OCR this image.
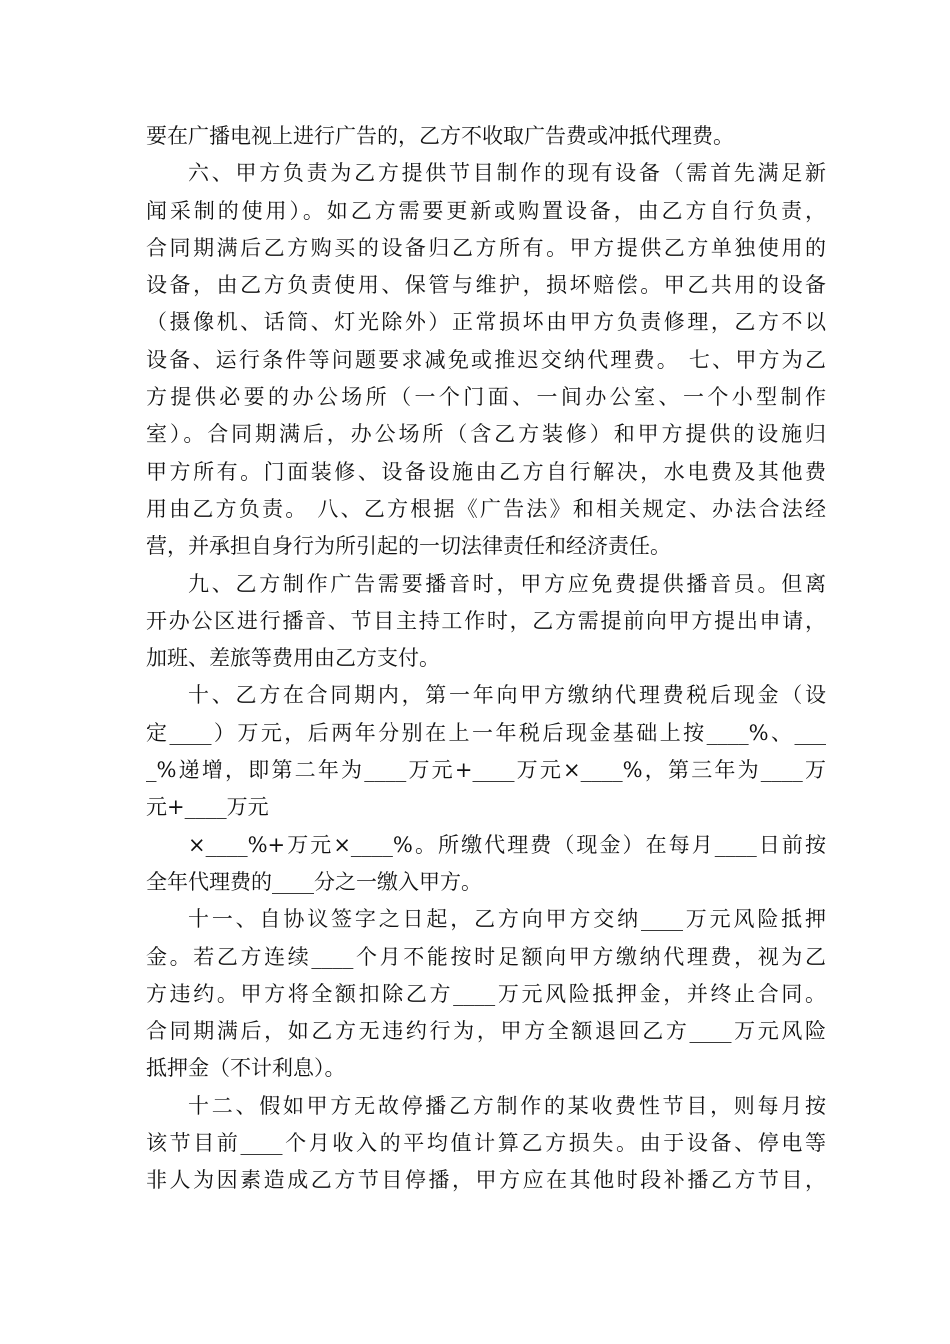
要在广播电视上进行广告的，乙方不收取广告费或冲抵代理费。
六、甲方负责为乙方提供节目制作的现有设备（需首先满足新
闻采制的使用）。如乙方需要更新或购置设备，由乙方自行负责，
合同期满后乙方购买的设备归乙方所有。甲方提供乙方单独使用的
设备，由乙方负责使用、保管与维护，损坏赔偿。甲乙共用的设备
（摄像机、话筒、灯光除外）正常损坏由甲方负责修理，乙方不以
设备、运行条件等问题要求减免或推迟交纳代理费。 七、甲方为乙
方提供必要的办公场所（一个门面、一间办公室、一个小型制作
室）。合同期满后，办公场所（含乙方装修）和甲方提供的设施归
甲方所有。门面装修、设备设施由乙方自行解决，水电费及其他费
用由乙方负责。 八、乙方根据《广告法》和相关规定、办法合法经
营，并承担自身行为所引起的一切法律责任和经济责任。
九、乙方制作广告需要播音时，甲方应免费提供播音员。但离
开办公区进行播音、节目主持工作时，乙方需提前向甲方提出申请，
加班、差旅等费用由乙方支付。
十、乙方在合同期内，第一年向甲方缴纳代理费税后现金（设
定____）万元，后两年分别在上一年税后现金基础上按____%、___
_%递增，即第二年为____万元+____万元×____%，第三年为____万
元+____万元
×____%+万元×____%。所缴代理费（现金）在每月____日前按
全年代理费的____分之一缴入甲方。
十一、自协议签字之日起，乙方向甲方交纳____万元风险抵押
金。若乙方连续____个月不能按时足额向甲方缴纳代理费，视为乙
方违约。甲方将全额扣除乙方____万元风险抵押金，并终止合同。
合同期满后，如乙方无违约行为，甲方全额退回乙方____万元风险
抵押金（不计利息）。
十二、假如甲方无故停播乙方制作的某收费性节目，则每月按
该节目前____个月收入的平均值计算乙方损失。由于设备、停电等
非人为因素造成乙方节目停播，甲方应在其他时段补播乙方节目，
